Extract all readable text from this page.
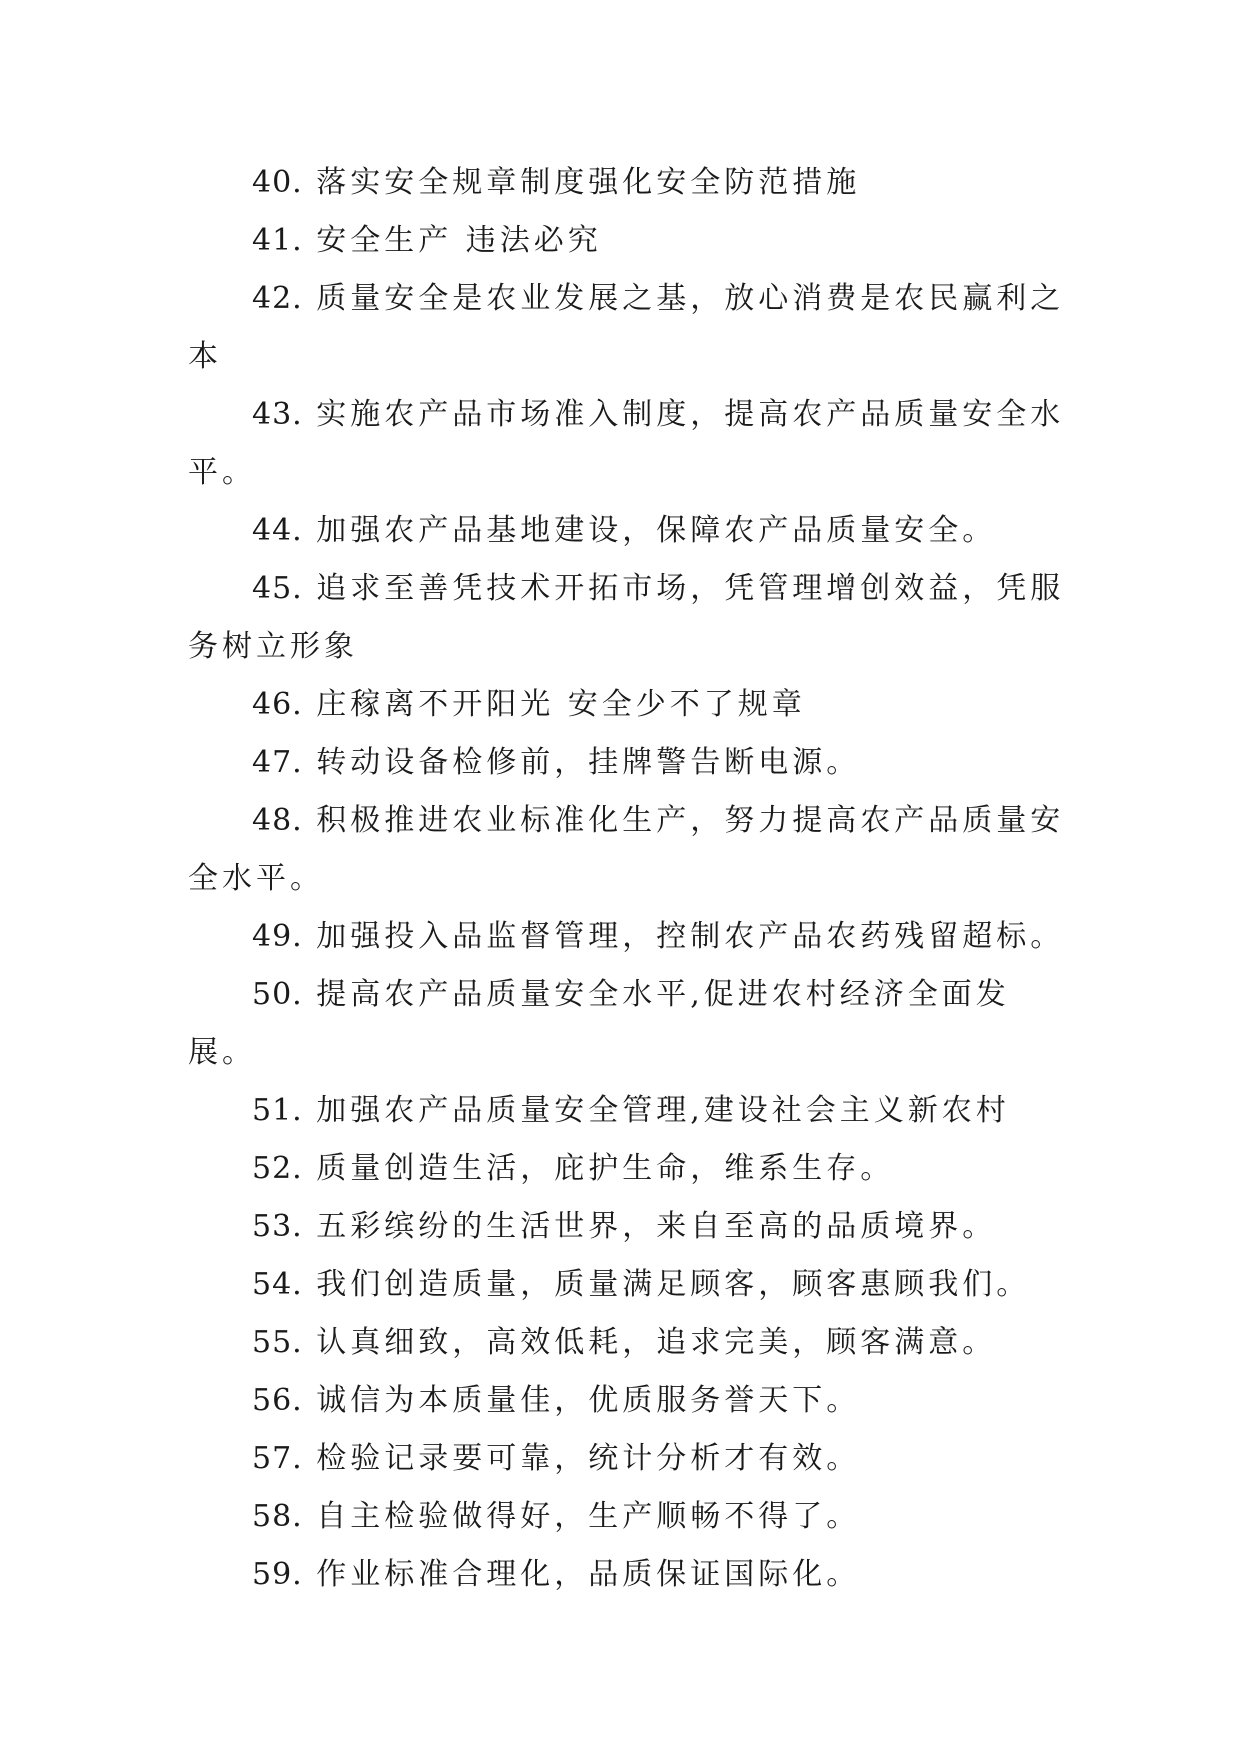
40. 落实安全规章制度强化安全防范措施

41. 安全生产 违法必究

42. 质量安全是农业发展之基，放心消费是农民赢利之本

43. 实施农产品市场准入制度，提高农产品质量安全水平。

44. 加强农产品基地建设，保障农产品质量安全。

45. 追求至善凭技术开拓市场，凭管理增创效益，凭服务树立形象

46. 庄稼离不开阳光 安全少不了规章

47. 转动设备检修前，挂牌警告断电源。

48. 积极推进农业标准化生产，努力提高农产品质量安全水平。

49. 加强投入品监督管理，控制农产品农药残留超标。

50. 提高农产品质量安全水平,促进农村经济全面发展。

51. 加强农产品质量安全管理,建设社会主义新农村

52. 质量创造生活，庇护生命，维系生存。

53. 五彩缤纷的生活世界，来自至高的品质境界。

54. 我们创造质量，质量满足顾客，顾客惠顾我们。

55. 认真细致，高效低耗，追求完美，顾客满意。

56. 诚信为本质量佳，优质服务誉天下。

57. 检验记录要可靠，统计分析才有效。

58. 自主检验做得好，生产顺畅不得了。

59. 作业标准合理化，品质保证国际化。
